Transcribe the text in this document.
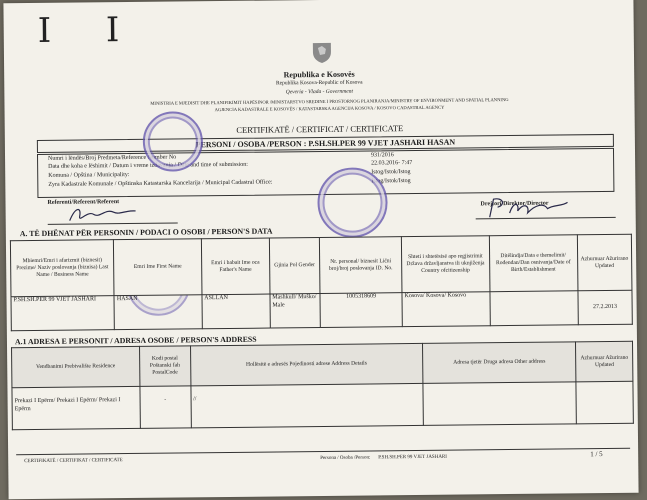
I I
Republika e Kosovës
Republika Kosova-Republic of Kosova
Qeveria - Vlada - Government
MINISTRIA E MJEDISIT DHE PLANIFIKIMIT HAPËSINOR /MINISTARSTVO SREDINE I PROSTORNOG PLANIRANJA/MINISTRY OF ENVIRONMENT AND SPATIAL PLANNING
AGJENCIA KADASTRALE E KOSOVËS / KATASTARSKA AGENCIJA KOSOVA / KOSOVO CADASTRAL AGENCY
CERTIFIKATË / CERTIFICAT / CERTIFICATE
PERSONI / OSOBA /PERSON : P.SH.SH.PER 99 VJET JASHARI HASAN
Numri i lëndës/Broj Predmeta/Reference Number No	931/2016
Data dhe koha e lëshimit / Datum i vreme izdavanja / Date and time of submission:	22.03.2016- 7:47
Komuna / Opština / Municipality:	Istog/Istok/Istog
Zyra Kadastrale Komunale / Opštinska Katastarska Kancelarija / Municipal Cadastral Office:	Istog/Istok/Istog
Referenti/Referent/Referent	Drejtori/Direktor/Director
A. TË DHËNAT PËR PERSONIN / PODACI O OSOBI / PERSON'S DATA
Mbiemri/Emri i afarizmit (biznesit) Prezime/ Naziv poslovanja (biznisa) Last Name / Business Name	Emri Ime First Name	Emri i babait Ime oca Father's Name	Gjinia Pol Gender	Nr. personal/ biznesit Lični broj/broj poslovanja ID. No.	Shteti i shtetësisë apo regjistrimit Država državljanstva ili uknjiženja Country ofcitizenship	Ditëlindja/Data e themelimit/ Rođendan/Dan osnivanja/Date of Birth/Establishment	Azhurnuar Ažurirano Updated
P.SH.SH.PER 99 VJET JASHARI	HASAN	ASLLAN	Mashkull/ Muško/ Male	1005318609	Kosova/ Kosova/ Kosovo		27.2.2013
A.1 ADRESA E PERSONIT / ADRESA OSOBE / PERSON'S ADDRESS
Vendbanimi Prebivalište Residence	Kodi postal Poštanski fah PostalCode	Hollësitë e adresës Pojedinosti adrese Address Details	Adresa tjetër Druga adresa Other address	Azhurnuar Ažurirano Updated
Prekazi I Epërm/ Prekazi I Epërm/ Prekazi I Epërm	-	//		
CERTIFIKATË / CERTIFIKAT / CERTIFICATE	Persona / Osoba /Person: P.SH.SH.PER 99 VJET JASHARI	1 / 5
